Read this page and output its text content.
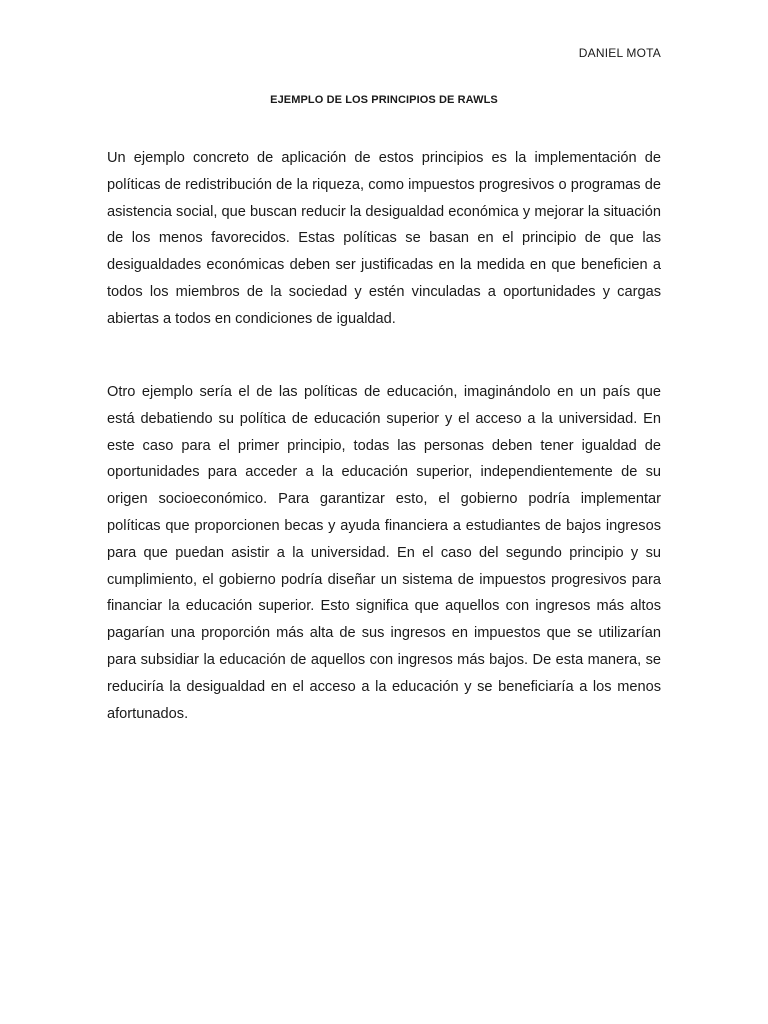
DANIEL MOTA
EJEMPLO DE LOS PRINCIPIOS DE RAWLS

Un ejemplo concreto de aplicación de estos principios es la implementación de políticas de redistribución de la riqueza, como impuestos progresivos o programas de asistencia social, que buscan reducir la desigualdad económica y mejorar la situación de los menos favorecidos. Estas políticas se basan en el principio de que las desigualdades económicas deben ser justificadas en la medida en que beneficien a todos los miembros de la sociedad y estén vinculadas a oportunidades y cargas abiertas a todos en condiciones de igualdad.

Otro ejemplo sería el de las políticas de educación, imaginándolo en un país que está debatiendo su política de educación superior y el acceso a la universidad. En este caso para el primer principio, todas las personas deben tener igualdad de oportunidades para acceder a la educación superior, independientemente de su origen socioeconómico. Para garantizar esto, el gobierno podría implementar políticas que proporcionen becas y ayuda financiera a estudiantes de bajos ingresos para que puedan asistir a la universidad. En el caso del segundo principio y su cumplimiento, el gobierno podría diseñar un sistema de impuestos progresivos para financiar la educación superior. Esto significa que aquellos con ingresos más altos pagarían una proporción más alta de sus ingresos en impuestos que se utilizarían para subsidiar la educación de aquellos con ingresos más bajos. De esta manera, se reduciría la desigualdad en el acceso a la educación y se beneficiaría a los menos afortunados.
